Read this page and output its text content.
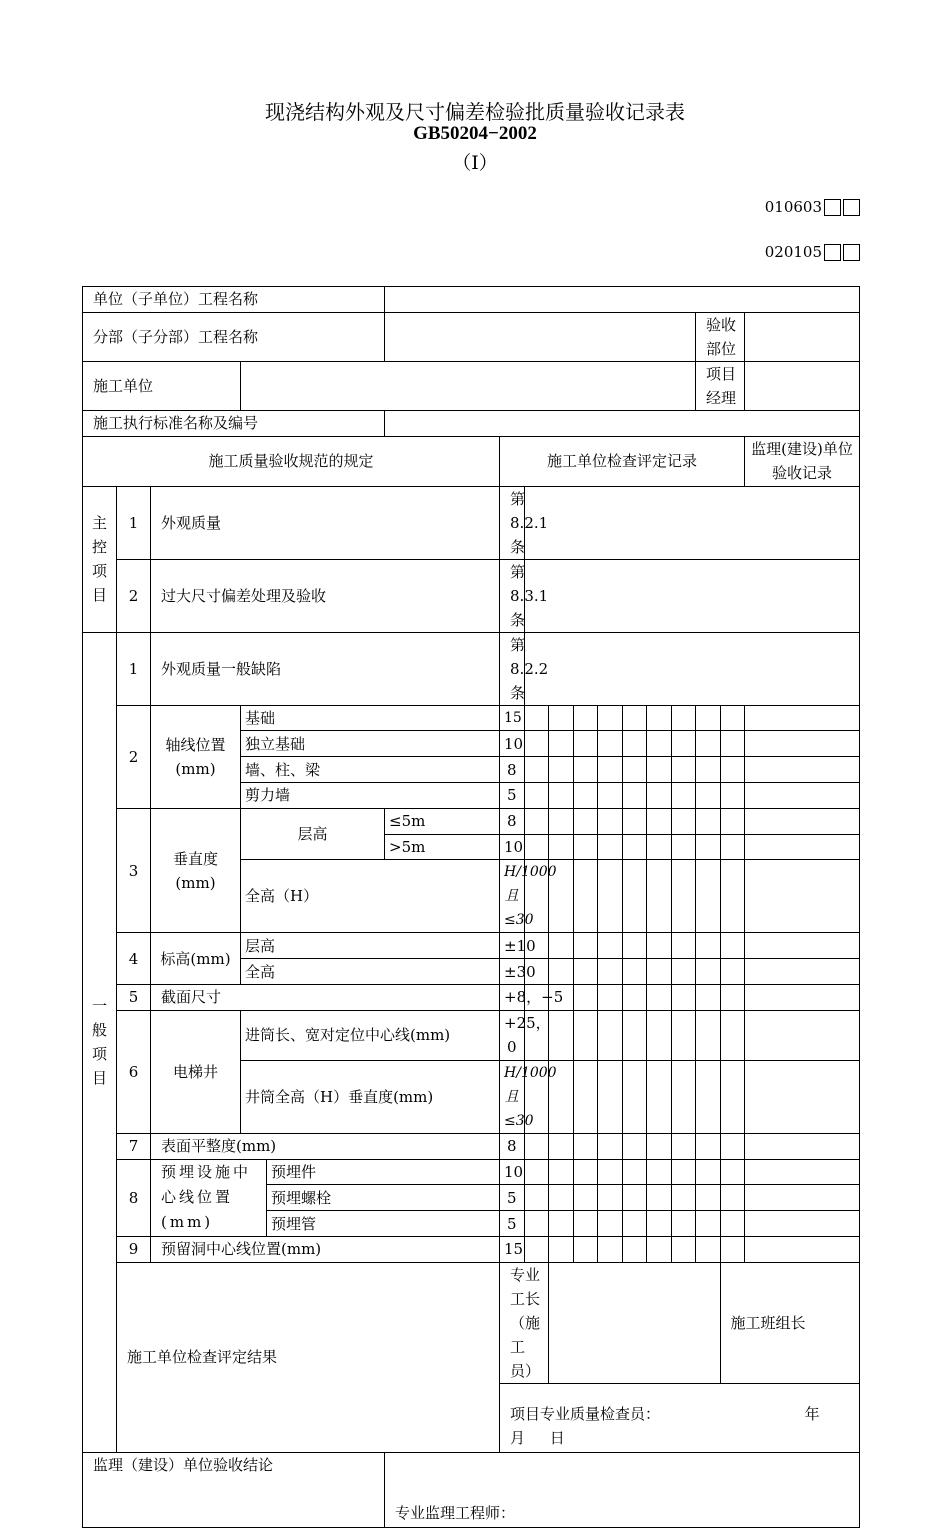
现浇结构外观及尺寸偏差检验批质量验收记录表
GB50204−2002
（Ⅰ）
010603
020105
单位（子单位）工程名称																	
分部（子分部）工程名称														验收部位			
施工单位														项目经理			
施工执行标准名称及编号																	
施工质量验收规范的规定						施工单位检查评定记录										监理(建设)单位验收记录	
主
控
项
目	1	外观质量				第 8.2.1 条											
	2	过大尺寸偏差处理及验收				第 8.3.1 条											
一
般
项
目	1	外观质量一般缺陷				第 8.2.2 条											
	2	轴线位置(mm)	基础			15											
			独立基础			10											
			墙、柱、梁			8											
			剪力墙			5											
	3	垂直度(mm)	层高		≤5m	8											
					>5m	10											
			全高（H）			H/1000 且≤30											
	4	标高(mm)	层高			±10											
			全高			±30											
	5	截面尺寸				+8，−5											
	6	电梯井	进筒长、宽对定位中心线(mm)			+25，0											
			井筒全高（H）垂直度(mm)			H/1000 且≤30											
	7	表面平整度(mm)				8											
	8	预埋设施中心线位置(mm)		预埋件		10											
				预埋螺栓		5											
				预埋管		5											
	9	预留洞中心线位置(mm)				15											
	施工单位检查评定结果					专业工长（施工员）									施工班组长		
						项目专业质量检查员： 年 月 日											
监理（建设）单位验收结论					专业监理工程师：												
